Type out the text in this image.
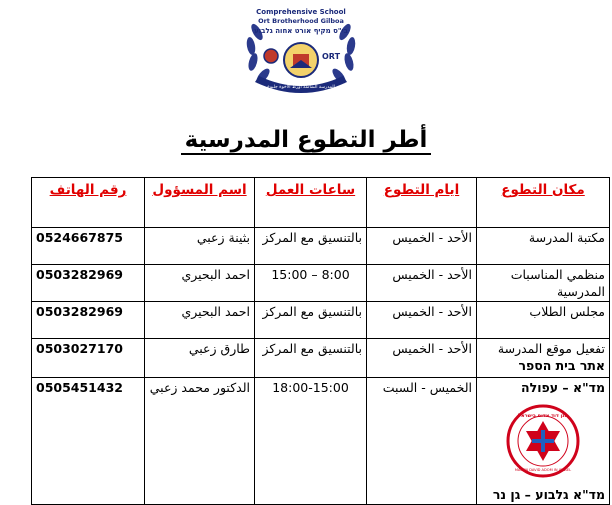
Comprehensive School
Ort Brotherhood Gilboa
בי"ס מקיף אורט אחוה גלבוע
ORT
المدرسة الشاملة أورط الأخوة جلبوع
أطر التطوع المدرسية
مكان التطوع	ايام التطوع	ساعات العمل	اسم المسؤول	رقم الهاتف
مكتبة المدرسة	الأحد - الخميس	بالتنسيق مع المركز	بثينة زعبي	0524667875
منظمي المناسبات المدرسية	الأحد - الخميس	8:00 – 15:00	احمد البحيري	0503282969
مجلس الطلاب	الأحد - الخميس	بالتنسيق مع المركز	احمد البحيري	0503282969

تفعيل موقع المدرسة
אתר בית הספר	الأحد - الخميس	بالتنسيق مع المركز	طارق زعبي	0503027170

מד"א – עפולה
מגן דוד אדום בישראל
MAGEN DAVID ADOM IN ISRAEL
מד"א גלבוע – גן נר	الخميس - السبت	18:00-15:00	الدكتور محمد زعبي	0505451432
